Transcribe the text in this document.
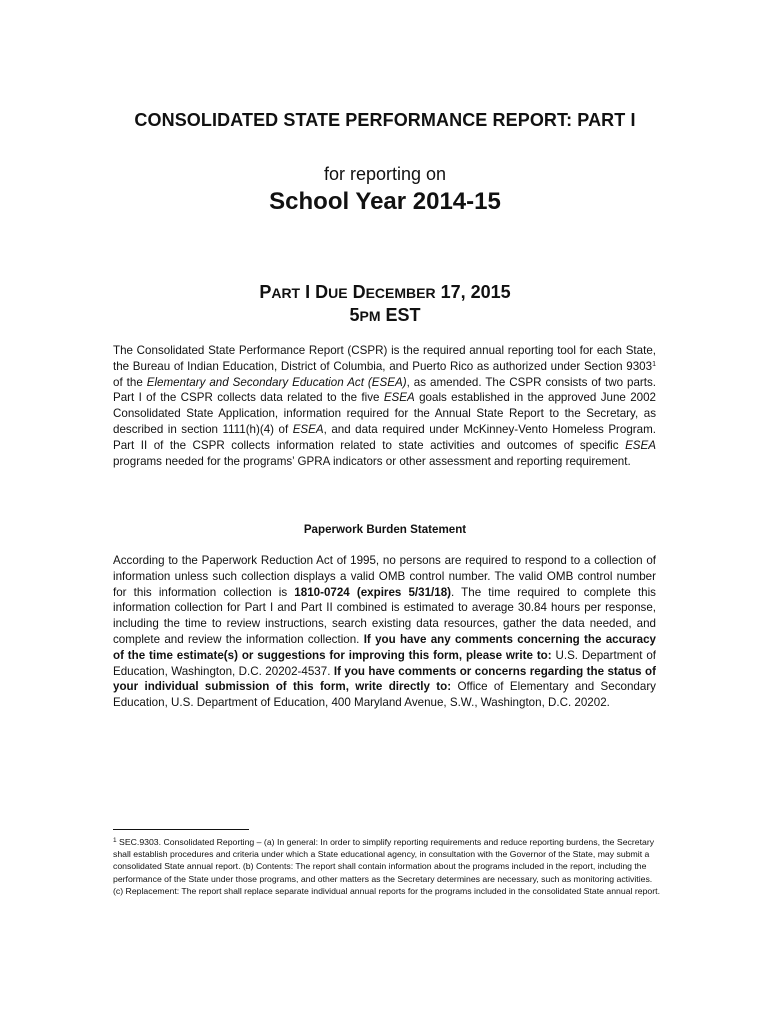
CONSOLIDATED STATE PERFORMANCE REPORT: PART I
for reporting on
School Year 2014-15
PART I DUE DECEMBER 17, 2015
5PM EST
The Consolidated State Performance Report (CSPR) is the required annual reporting tool for each State, the Bureau of Indian Education, District of Columbia, and Puerto Rico as authorized under Section 9303$^1$ of the Elementary and Secondary Education Act (ESEA), as amended. The CSPR consists of two parts. Part I of the CSPR collects data related to the five ESEA goals established in the approved June 2002 Consolidated State Application, information required for the Annual State Report to the Secretary, as described in section 1111(h)(4) of ESEA, and data required under McKinney-Vento Homeless Program. Part II of the CSPR collects information related to state activities and outcomes of specific ESEA programs needed for the programs’ GPRA indicators or other assessment and reporting requirement.
Paperwork Burden Statement
According to the Paperwork Reduction Act of 1995, no persons are required to respond to a collection of information unless such collection displays a valid OMB control number. The valid OMB control number for this information collection is 1810-0724 (expires 5/31/18). The time required to complete this information collection for Part I and Part II combined is estimated to average 30.84 hours per response, including the time to review instructions, search existing data resources, gather the data needed, and complete and review the information collection. If you have any comments concerning the accuracy of the time estimate(s) or suggestions for improving this form, please write to: U.S. Department of Education, Washington, D.C. 20202-4537. If you have comments or concerns regarding the status of your individual submission of this form, write directly to: Office of Elementary and Secondary Education, U.S. Department of Education, 400 Maryland Avenue, S.W., Washington, D.C. 20202.
$^1$ SEC.9303. Consolidated Reporting – (a) In general: In order to simplify reporting requirements and reduce reporting burdens, the Secretary shall establish procedures and criteria under which a State educational agency, in consultation with the Governor of the State, may submit a consolidated State annual report. (b) Contents: The report shall contain information about the programs included in the report, including the performance of the State under those programs, and other matters as the Secretary determines are necessary, such as monitoring activities. (c) Replacement: The report shall replace separate individual annual reports for the programs included in the consolidated State annual report.
